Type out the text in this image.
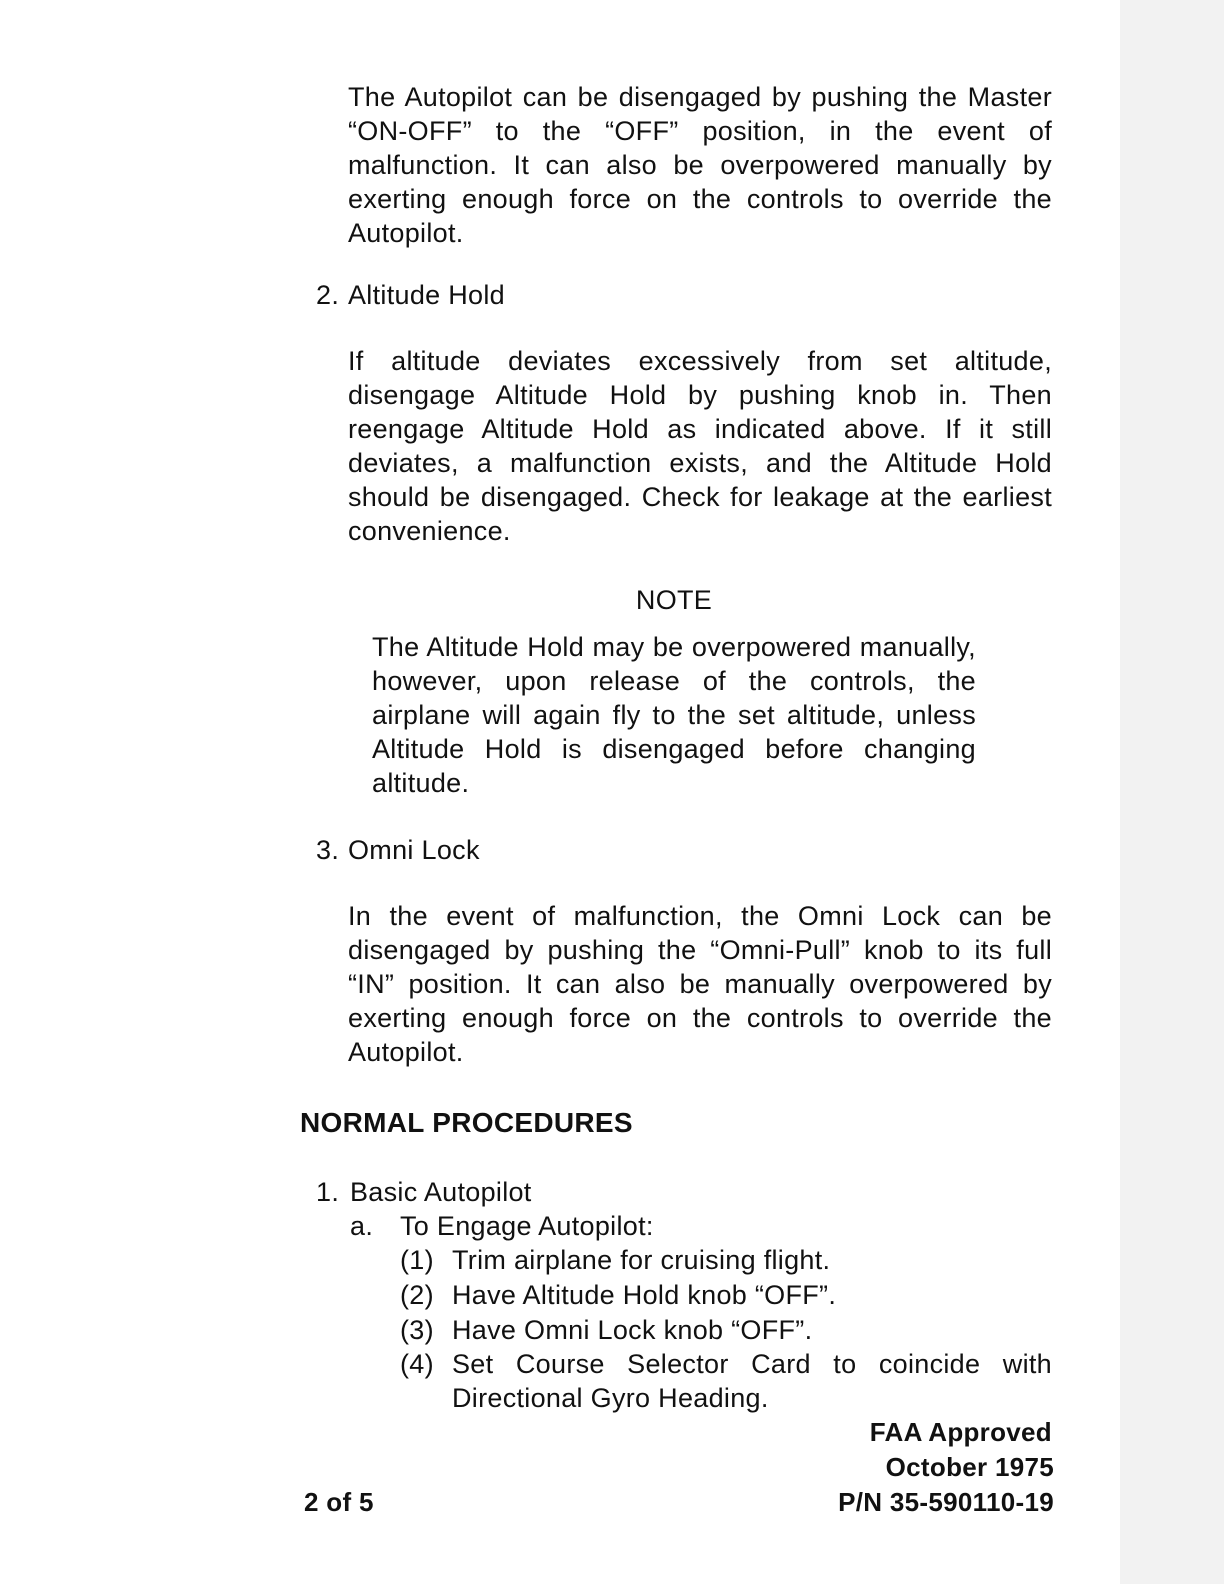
The Autopilot can be disengaged by pushing the Master “ON-OFF” to the “OFF” position, in the event of malfunction. It can also be overpowered manually by exerting enough force on the controls to override the Autopilot.

2. Altitude Hold

If altitude deviates excessively from set altitude, disengage Altitude Hold by pushing knob in. Then reengage Altitude Hold as indicated above. If it still deviates, a malfunction exists, and the Altitude Hold should be disengaged. Check for leakage at the earliest convenience.

NOTE

The Altitude Hold may be overpowered manually, however, upon release of the controls, the airplane will again fly to the set altitude, unless Altitude Hold is disengaged before changing altitude.

3. Omni Lock

In the event of malfunction, the Omni Lock can be disengaged by pushing the “Omni-Pull” knob to its full “IN” position. It can also be manually overpowered by exerting enough force on the controls to override the Autopilot.

NORMAL PROCEDURES
1. Basic Autopilot
a. To Engage Autopilot:
(1) Trim airplane for cruising flight.
(2) Have Altitude Hold knob “OFF”.
(3) Have Omni Lock knob “OFF”.
(4) Set Course Selector Card to coincide with Directional Gyro Heading.

FAA Approved
October 1975
2 of 5	P/N 35-590110-19
